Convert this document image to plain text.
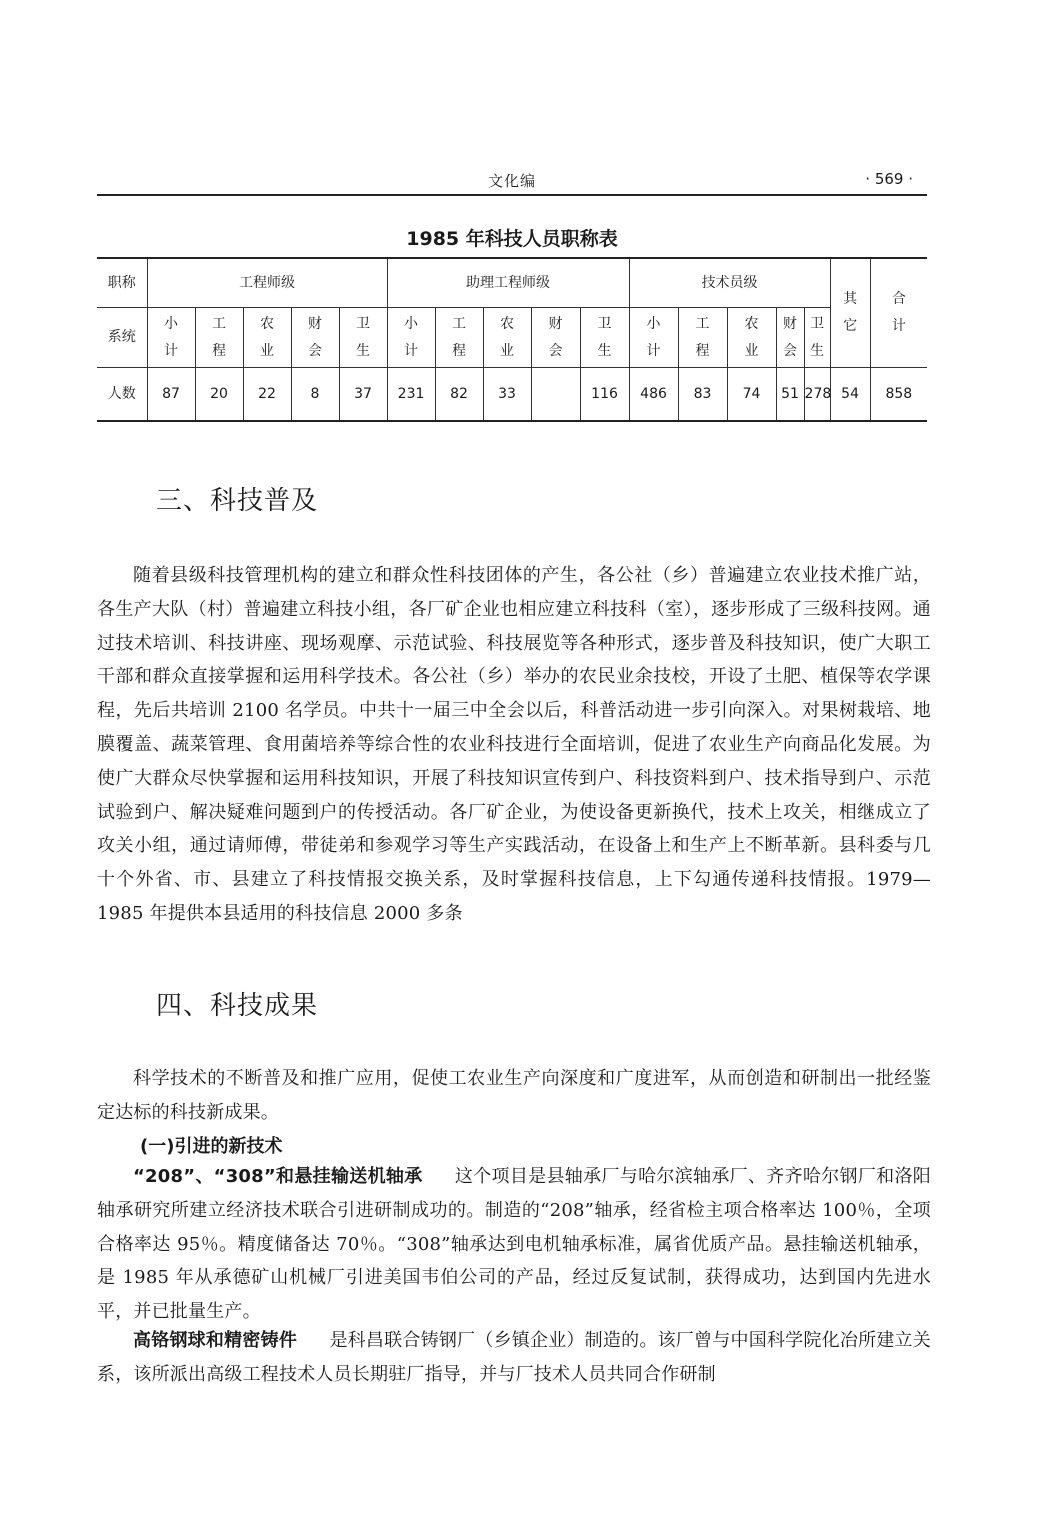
文化编	· 569 ·
1985 年科技人员职称表
职称	工程师级					助理工程师级					技术员级					其它	合计
系统	小计	工程	农业	财会	卫生	小计	工程	农业	财会	卫生	小计	工程	农业	财会	卫生		
人数	87	20	22	8	37	231	82	33		116	486	83	74	51	278	54	858
三、科技普及

随着县级科技管理机构的建立和群众性科技团体的产生，各公社（乡）普遍建立农业技术推广站，各生产大队（村）普遍建立科技小组，各厂矿企业也相应建立科技科（室），逐步形成了三级科技网。通过技术培训、科技讲座、现场观摩、示范试验、科技展览等各种形式，逐步普及科技知识，使广大职工干部和群众直接掌握和运用科学技术。各公社（乡）举办的农民业余技校，开设了土肥、植保等农学课程，先后共培训 2100 名学员。中共十一届三中全会以后，科普活动进一步引向深入。对果树栽培、地膜覆盖、蔬菜管理、食用菌培养等综合性的农业科技进行全面培训，促进了农业生产向商品化发展。为使广大群众尽快掌握和运用科技知识，开展了科技知识宣传到户、科技资料到户、技术指导到户、示范试验到户、解决疑难问题到户的传授活动。各厂矿企业，为使设备更新换代，技术上攻关，相继成立了攻关小组，通过请师傅，带徒弟和参观学习等生产实践活动，在设备上和生产上不断革新。县科委与几十个外省、市、县建立了科技情报交换关系，及时掌握科技信息，上下勾通传递科技情报。1979—1985 年提供本县适用的科技信息 2000 多条

四、科技成果

科学技术的不断普及和推广应用，促使工农业生产向深度和广度进军，从而创造和研制出一批经鉴定达标的科技新成果。

(一)引进的新技术

“208”、“308”和悬挂输送机轴承 这个项目是县轴承厂与哈尔滨轴承厂、齐齐哈尔钢厂和洛阳轴承研究所建立经济技术联合引进研制成功的。制造的“208”轴承，经省检主项合格率达 100％，全项合格率达 95％。精度储备达 70％。“308”轴承达到电机轴承标准，属省优质产品。悬挂输送机轴承，是 1985 年从承德矿山机械厂引进美国韦伯公司的产品，经过反复试制，获得成功，达到国内先进水平，并已批量生产。

高铬钢球和精密铸件 是科昌联合铸钢厂（乡镇企业）制造的。该厂曾与中国科学院化冶所建立关系，该所派出高级工程技术人员长期驻厂指导，并与厂技术人员共同合作研制
